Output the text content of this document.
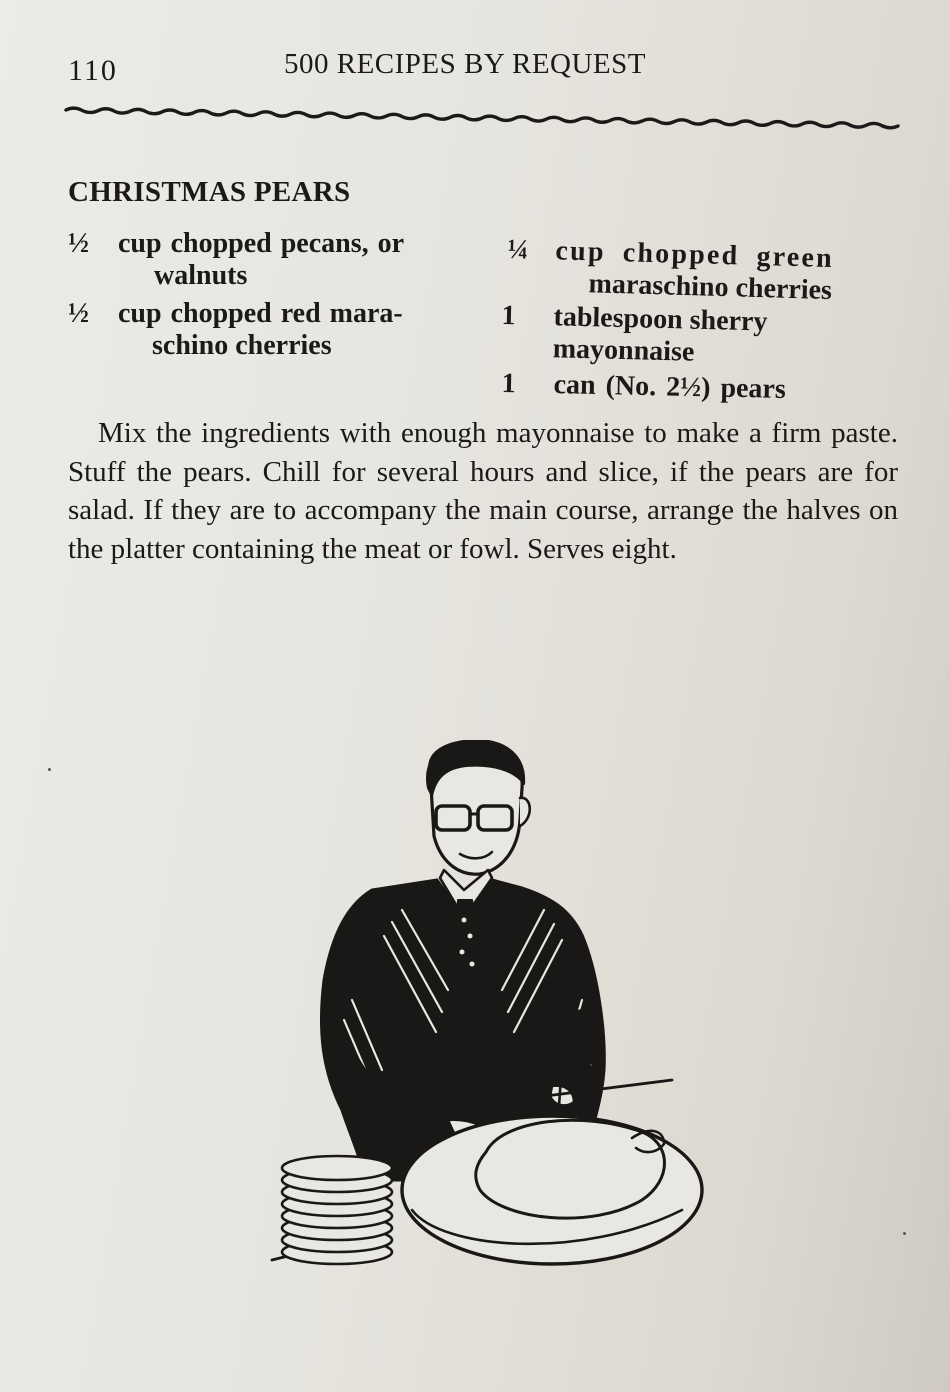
110	500 RECIPES BY REQUEST
CHRISTMAS PEARS
½ cup chopped pecans, or
walnuts
½ cup chopped red mara-
schino cherries
¼ cup chopped green
maraschino cherries
1 tablespoon sherry
mayonnaise
1 can (No. 2½) pears

Mix the ingredients with enough mayonnaise to make a firm paste. Stuff the pears. Chill for several hours and slice, if the pears are for salad. If they are to accompany the main course, arrange the halves on the platter containing the meat or fowl. Serves eight.
